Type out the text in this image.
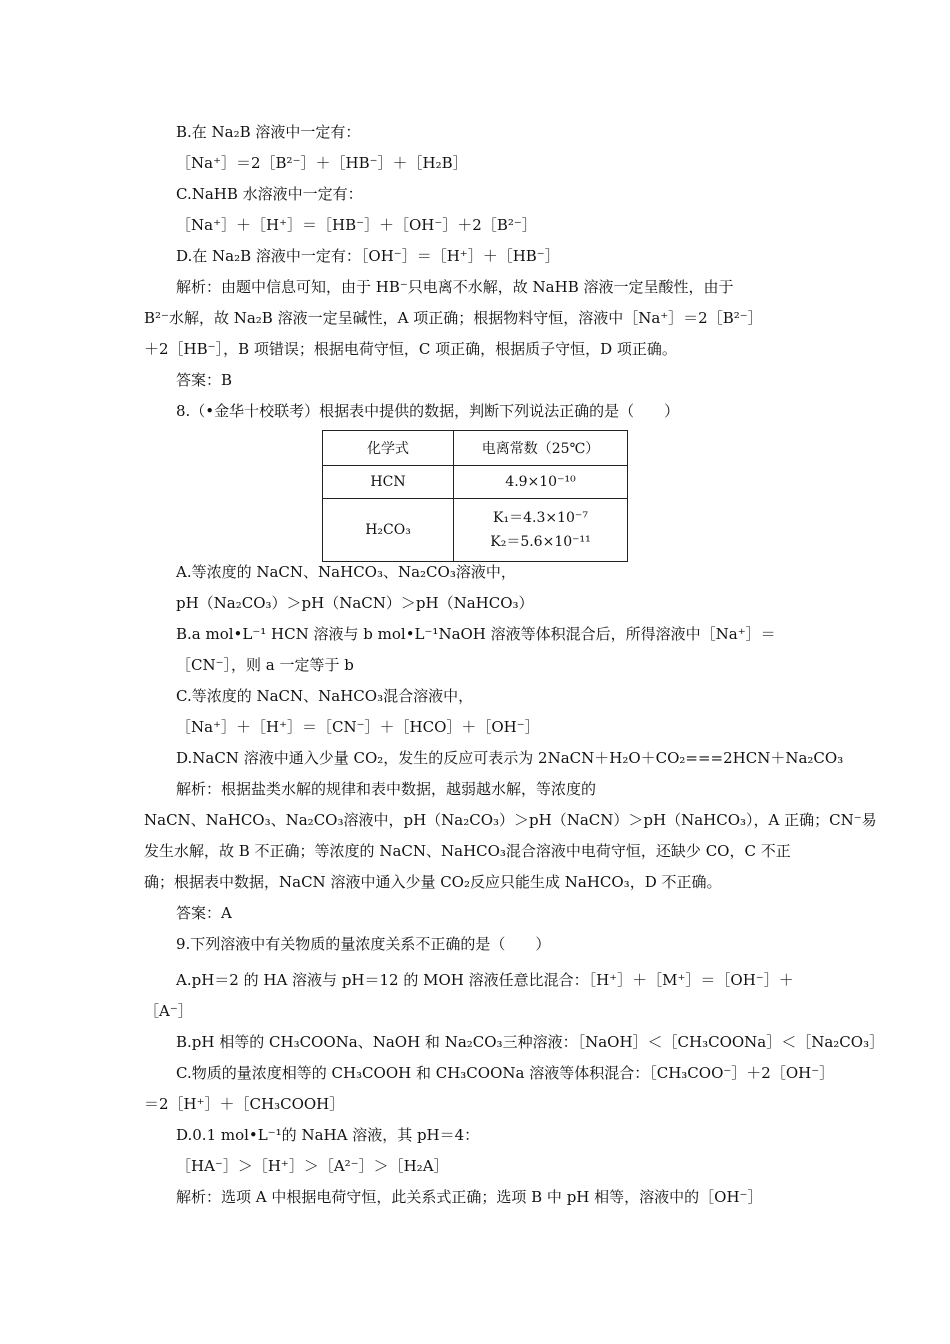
B.在 Na₂B 溶液中一定有：
［Na⁺］＝2［B²⁻］＋［HB⁻］＋［H₂B］
C.NaHB 水溶液中一定有：
［Na⁺］＋［H⁺］＝［HB⁻］＋［OH⁻］＋2［B²⁻］
D.在 Na₂B 溶液中一定有：［OH⁻］＝［H⁺］＋［HB⁻］
解析：由题中信息可知，由于 HB⁻只电离不水解，故 NaHB 溶液一定呈酸性，由于
B²⁻水解，故 Na₂B 溶液一定呈碱性，A 项正确；根据物料守恒，溶液中［Na⁺］＝2［B²⁻］
＋2［HB⁻］，B 项错误；根据电荷守恒，C 项正确，根据质子守恒，D 项正确。
答案：B
8.（•金华十校联考）根据表中提供的数据，判断下列说法正确的是（　　）
化学式	电离常数（25℃）
HCN	4.9×10⁻¹⁰
H₂CO₃	K₁＝4.3×10⁻⁷
K₂＝5.6×10⁻¹¹
A.等浓度的 NaCN、NaHCO₃、Na₂CO₃溶液中，
pH（Na₂CO₃）＞pH（NaCN）＞pH（NaHCO₃）
B.a mol•L⁻¹ HCN 溶液与 b mol•L⁻¹NaOH 溶液等体积混合后，所得溶液中［Na⁺］＝
［CN⁻］，则 a 一定等于 b
C.等浓度的 NaCN、NaHCO₃混合溶液中，
［Na⁺］＋［H⁺］＝［CN⁻］＋［HCO］＋［OH⁻］
D.NaCN 溶液中通入少量 CO₂，发生的反应可表示为 2NaCN＋H₂O＋CO₂===2HCN＋Na₂CO₃
解析：根据盐类水解的规律和表中数据，越弱越水解，等浓度的
NaCN、NaHCO₃、Na₂CO₃溶液中，pH（Na₂CO₃）＞pH（NaCN）＞pH（NaHCO₃），A 正确；CN⁻易
发生水解，故 B 不正确；等浓度的 NaCN、NaHCO₃混合溶液中电荷守恒，还缺少 CO，C 不正
确；根据表中数据，NaCN 溶液中通入少量 CO₂反应只能生成 NaHCO₃，D 不正确。
答案：A
9.下列溶液中有关物质的量浓度关系不正确的是（　　）
A.pH＝2 的 HA 溶液与 pH＝12 的 MOH 溶液任意比混合：［H⁺］＋［M⁺］＝［OH⁻］＋
［A⁻］
B.pH 相等的 CH₃COONa、NaOH 和 Na₂CO₃三种溶液：［NaOH］＜［CH₃COONa］＜［Na₂CO₃］
C.物质的量浓度相等的 CH₃COOH 和 CH₃COONa 溶液等体积混合：［CH₃COO⁻］＋2［OH⁻］
＝2［H⁺］＋［CH₃COOH］
D.0.1 mol•L⁻¹的 NaHA 溶液，其 pH＝4：
［HA⁻］＞［H⁺］＞［A²⁻］＞［H₂A］
解析：选项 A 中根据电荷守恒，此关系式正确；选项 B 中 pH 相等，溶液中的［OH⁻］
